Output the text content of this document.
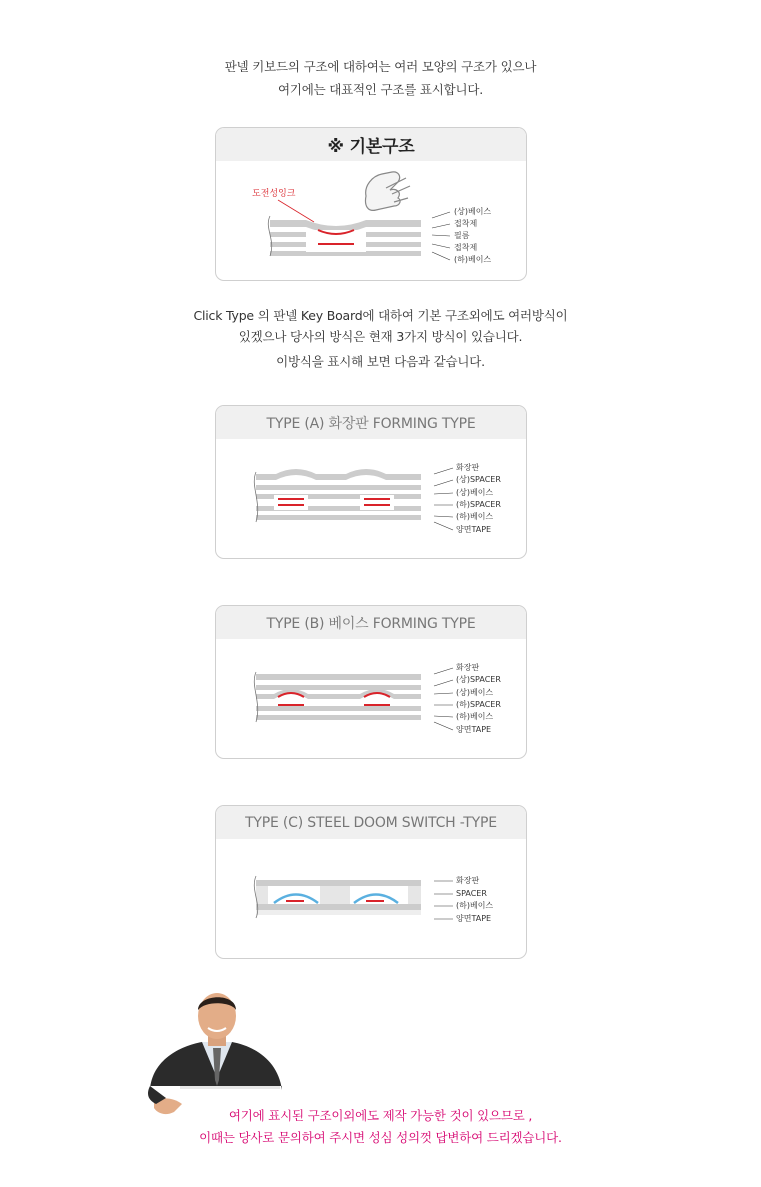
판넬 키보드의 구조에 대하여는 여러 모양의 구조가 있으나
여기에는 대표적인 구조를 표시합니다.
※ 기본구조
도전성잉크
(상)베이스
접착제
필름
접착제
(하)베이스
Click Type 의 판넬 Key Board에 대하여 기본 구조외에도 여러방식이
있겠으나 당사의 방식은 현재 3가지 방식이 있습니다.
이방식을 표시해 보면 다음과 같습니다.
TYPE (A) 화장판 FORMING TYPE
화장판
(상)SPACER
(상)베이스
(하)SPACER
(하)베이스
양면TAPE
TYPE (B) 베이스 FORMING TYPE
화장판
(상)SPACER
(상)베이스
(하)SPACER
(하)베이스
양면TAPE
TYPE (C) STEEL DOOM SWITCH -TYPE
화장판
SPACER
(하)베이스
양면TAPE
여기에 표시된 구조이외에도 제작 가능한 것이 있으므로 ,
이때는 당사로 문의하여 주시면 성심 성의껏 답변하여 드리겠습니다.
